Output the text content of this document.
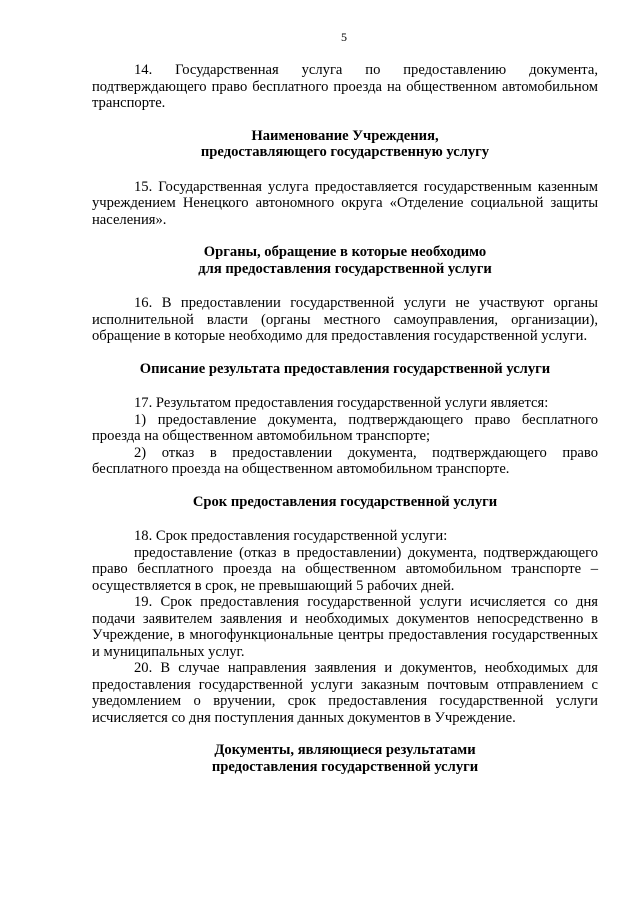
5

14. Государственная услуга по предоставлению документа, подтверждающего право бесплатного проезда на общественном автомобильном транспорте.

Наименование Учреждения,
предоставляющего государственную услугу

15. Государственная услуга предоставляется государственным казенным учреждением Ненецкого автономного округа «Отделение социальной защиты населения».

Органы, обращение в которые необходимо
для предоставления государственной услуги

16. В предоставлении государственной услуги не участвуют органы исполнительной власти (органы местного самоуправления, организации), обращение в которые необходимо для предоставления государственной услуги.

Описание результата предоставления государственной услуги

17. Результатом предоставления государственной услуги является:

1) предоставление документа, подтверждающего право бесплатного проезда на общественном автомобильном транспорте;

2) отказ в предоставлении документа, подтверждающего право бесплатного проезда на общественном автомобильном транспорте.

Срок предоставления государственной услуги

18. Срок предоставления государственной услуги:

предоставление (отказ в предоставлении) документа, подтверждающего право бесплатного проезда на общественном автомобильном транспорте – осуществляется в срок, не превышающий 5 рабочих дней.

19. Срок предоставления государственной услуги исчисляется со дня подачи заявителем заявления и необходимых документов непосредственно в Учреждение, в многофункциональные центры предоставления государственных и муниципальных услуг.

20. В случае направления заявления и документов, необходимых для предоставления государственной услуги заказным почтовым отправлением с уведомлением о вручении, срок предоставления государственной услуги исчисляется со дня поступления данных документов в Учреждение.

Документы, являющиеся результатами
предоставления государственной услуги
